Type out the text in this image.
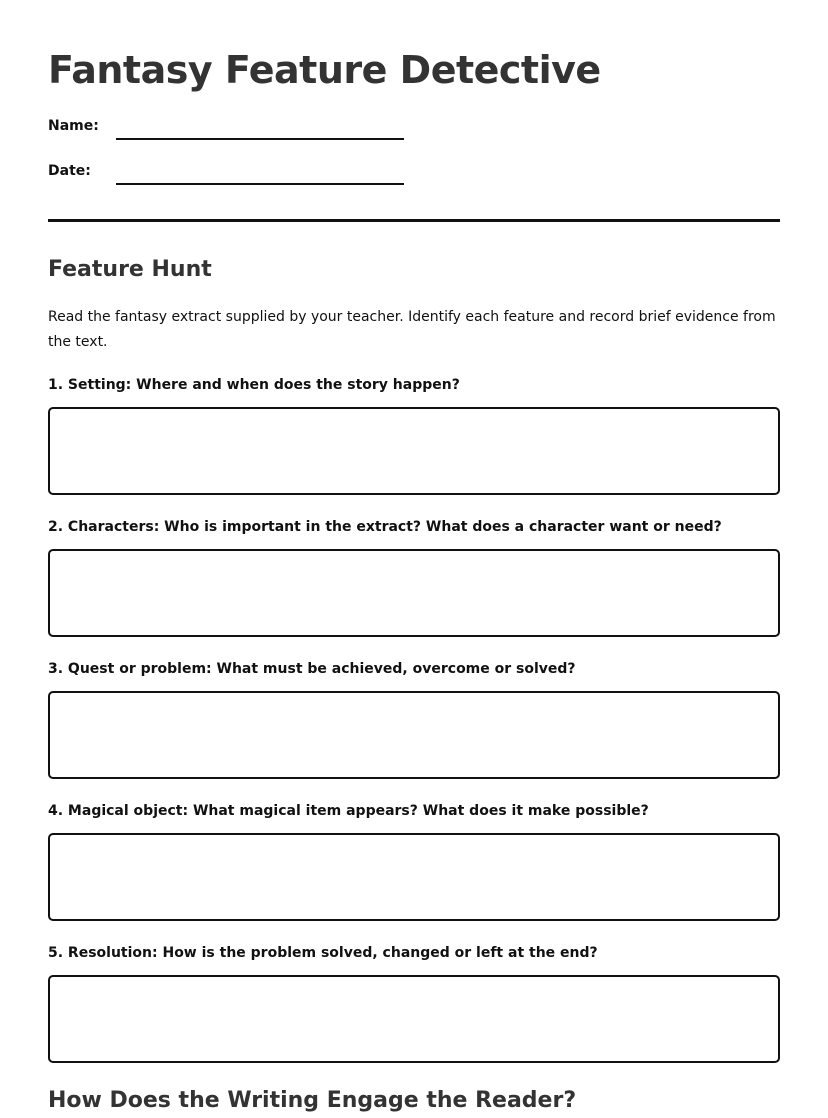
Fantasy Feature Detective
Name:
Date:
Feature Hunt

Read the fantasy extract supplied by your teacher. Identify each feature and record brief evidence from the text.

1. Setting: Where and when does the story happen?
2. Characters: Who is important in the extract? What does a character want or need?
3. Quest or problem: What must be achieved, overcome or solved?
4. Magical object: What magical item appears? What does it make possible?
5. Resolution: How is the problem solved, changed or left at the end?
How Does the Writing Engage the Reader?
